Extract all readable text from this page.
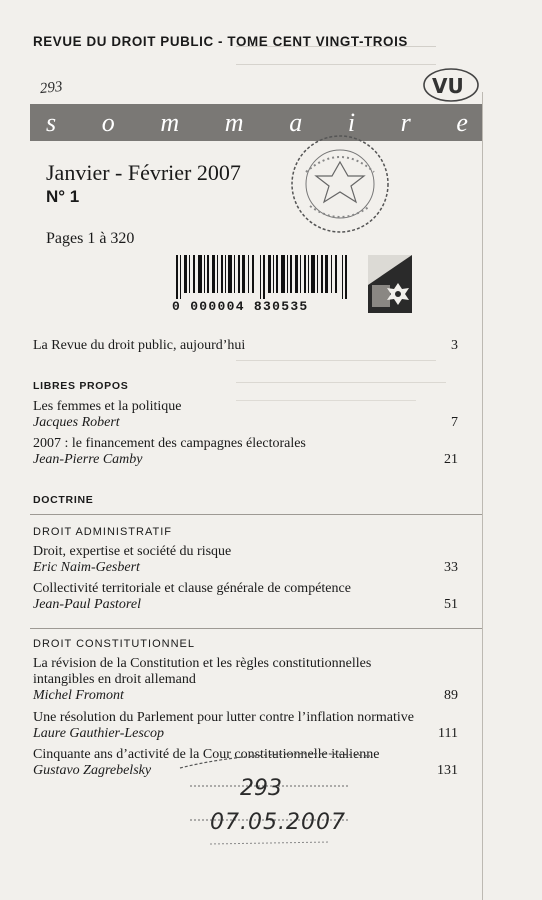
REVUE DU DROIT PUBLIC - TOME CENT VINGT-TROIS
293	VU
s o m m a i r e
Janvier - Février 2007
N° 1
Pages 1 à 320
0 000004 830535
La Revue du droit public, aujourd’hui	3
LIBRES PROPOS
Les femmes et la politique
Jacques Robert	7
2007 : le financement des campagnes électorales
Jean-Pierre Camby	21
DOCTRINE
DROIT ADMINISTRATIF
Droit, expertise et société du risque
Eric Naim-Gesbert	33
Collectivité territoriale et clause générale de compétence
Jean-Paul Pastorel	51
DROIT CONSTITUTIONNEL
La révision de la Constitution et les règles constitutionnelles
intangibles en droit allemand
Michel Fromont	89
Une résolution du Parlement pour lutter contre l’inflation normative
Laure Gauthier-Lescop	111
Cinquante ans d’activité de la Cour constitutionnelle italienne
Gustavo Zagrebelsky	131
293
07.05.2007
